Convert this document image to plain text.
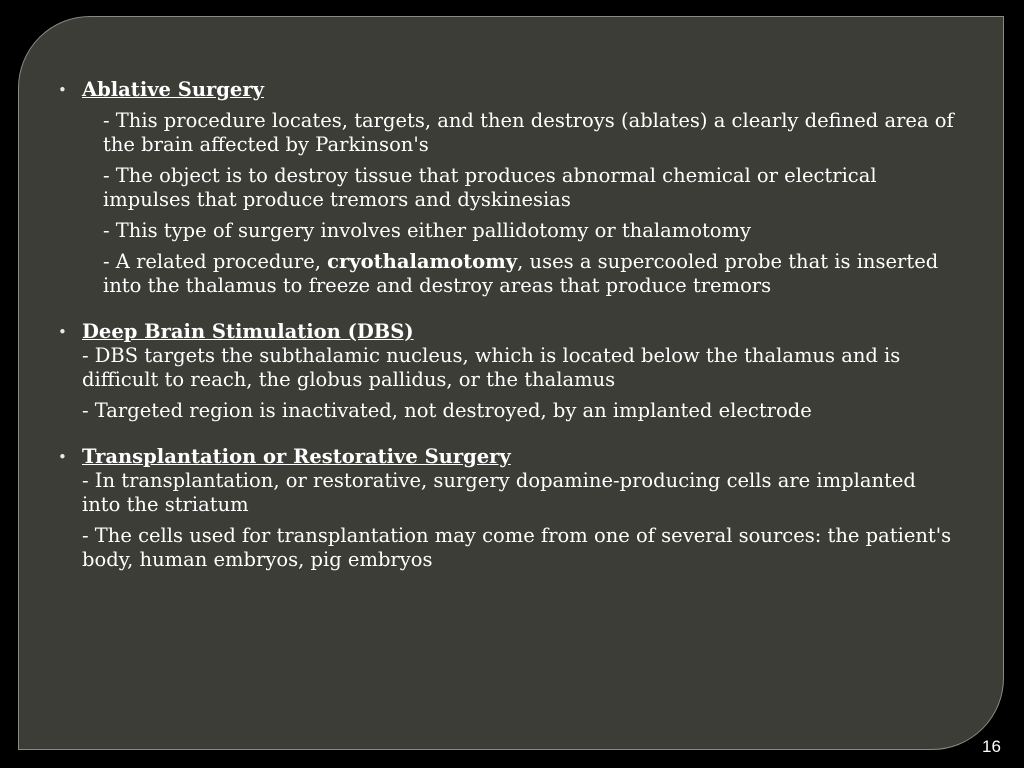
• Ablative Surgery
- This procedure locates, targets, and then destroys (ablates) a clearly defined area of the brain affected by Parkinson's
- The object is to destroy tissue that produces abnormal chemical or electrical impulses that produce tremors and dyskinesias
- This type of surgery involves either pallidotomy or thalamotomy
- A related procedure, cryothalamotomy, uses a supercooled probe that is inserted into the thalamus to freeze and destroy areas that produce tremors
• Deep Brain Stimulation (DBS)
- DBS targets the subthalamic nucleus, which is located below the thalamus and is difficult to reach, the globus pallidus, or the thalamus
- Targeted region is inactivated, not destroyed, by an implanted electrode
• Transplantation or Restorative Surgery
- In transplantation, or restorative, surgery dopamine-producing cells are implanted into the striatum
- The cells used for transplantation may come from one of several sources: the patient's body, human embryos, pig embryos
16
